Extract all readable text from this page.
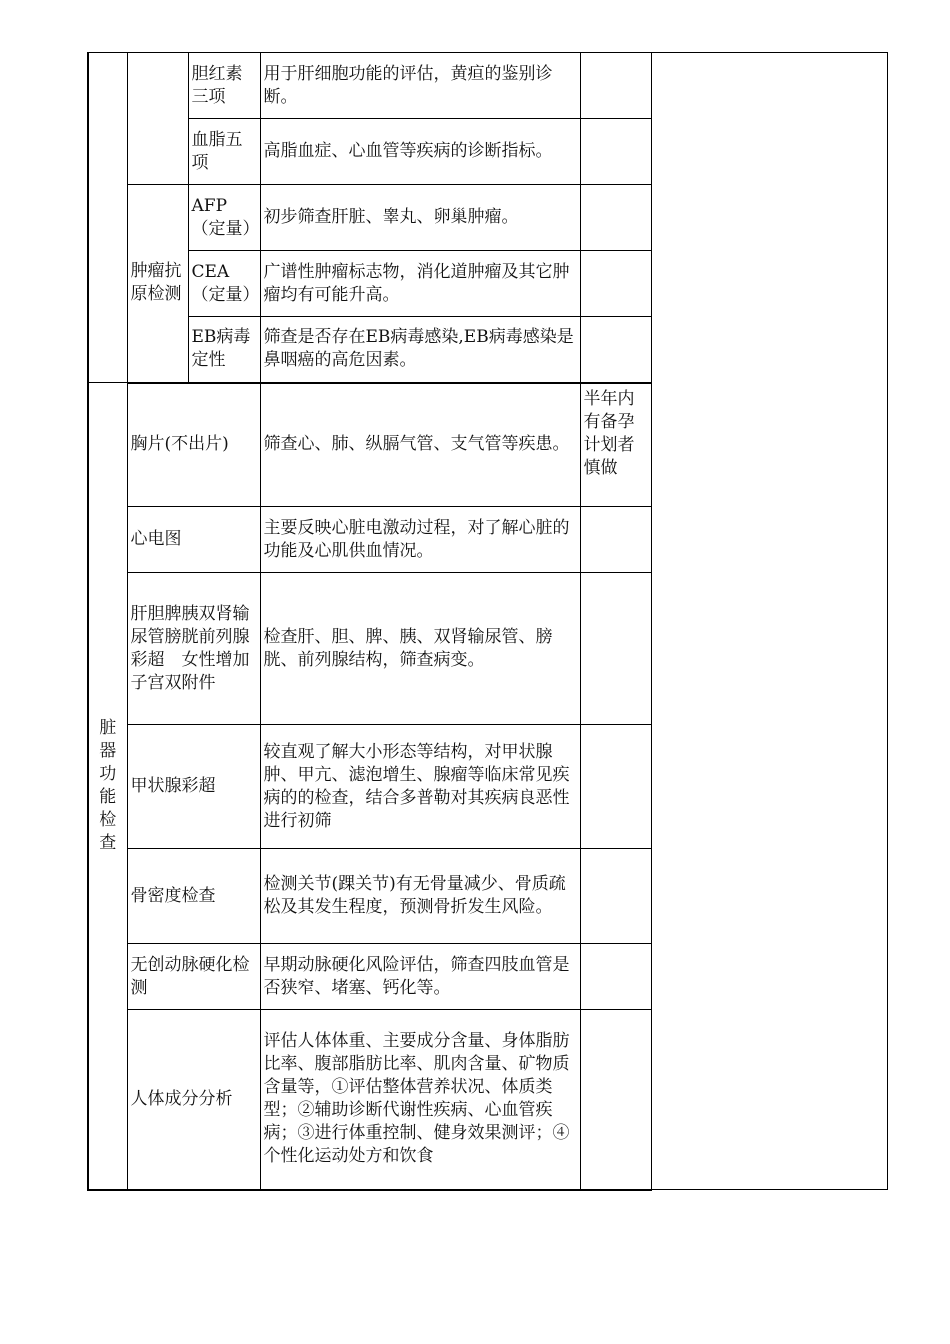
		胆红素三项	用于肝细胞功能的评估，黄疸的鉴别诊断。		
		血脂五项	高脂血症、心血管等疾病的诊断指标。		
	肿瘤抗原检测	AFP（定量）	初步筛查肝脏、睾丸、卵巢肿瘤。		
		CEA（定量）	广谱性肿瘤标志物，消化道肿瘤及其它肿瘤均有可能升高。		
		EB病毒定性	筛查是否存在EB病毒感染,EB病毒感染是鼻咽癌的高危因素。		
脏器功能检查	胸片(不出片)		筛查心、肺、纵膈气管、支气管等疾患。	半年内有备孕计划者慎做	
	心电图		主要反映心脏电激动过程，对了解心脏的功能及心肌供血情况。		
	肝胆脾胰双肾输尿管膀胱前列腺彩超　女性增加子宫双附件		检查肝、胆、脾、胰、双肾输尿管、膀胱、前列腺结构，筛查病变。		
	甲状腺彩超		较直观了解大小形态等结构，对甲状腺肿、甲亢、滤泡增生、腺瘤等临床常见疾病的的检查，结合多普勒对其疾病良恶性进行初筛		
	骨密度检查		检测关节(踝关节)有无骨量减少、骨质疏松及其发生程度，预测骨折发生风险。		
	无创动脉硬化检测		早期动脉硬化风险评估，筛查四肢血管是否狭窄、堵塞、钙化等。		
	人体成分分析		评估人体体重、主要成分含量、身体脂肪比率、腹部脂肪比率、肌肉含量、矿物质含量等，①评估整体营养状况、体质类型；②辅助诊断代谢性疾病、心血管疾病；③进行体重控制、健身效果测评；④个性化运动处方和饮食		
